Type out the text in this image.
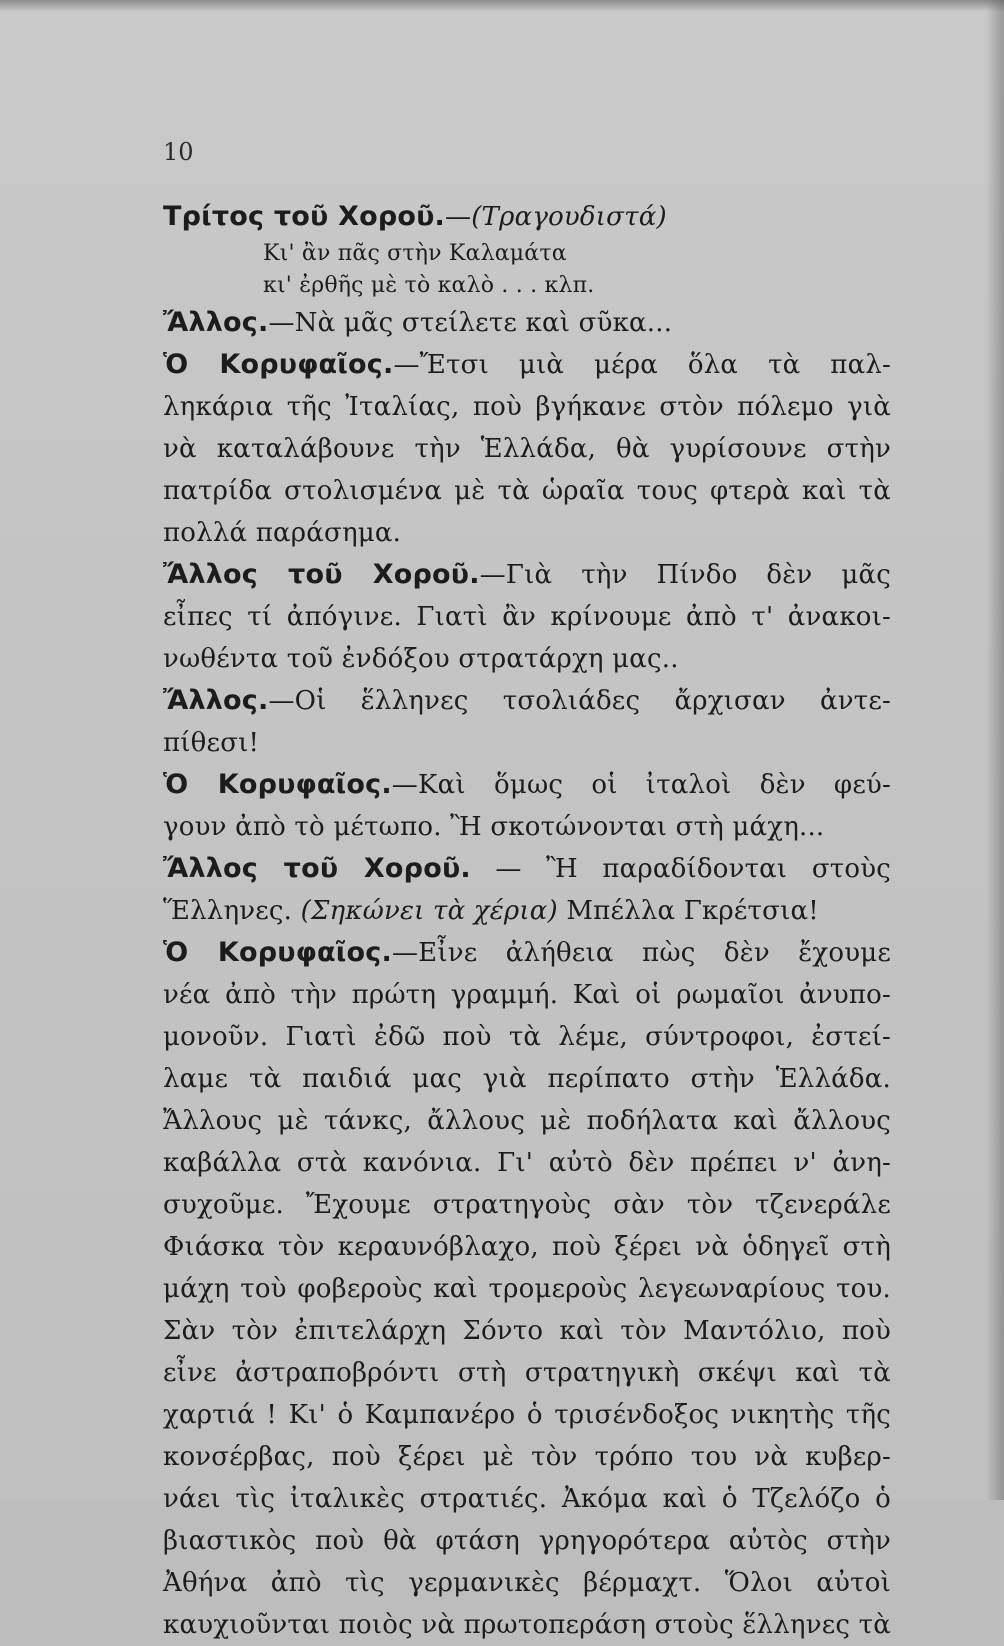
10
Τρίτος τοῦ Χοροῦ.—(Τραγουδιστά)
Κι' ἂν πᾶς στὴν Καλαμάτα
κι' ἐρθῆς μὲ τὸ καλὸ . . . κλπ.
Ἄλλος.—Νὰ μᾶς στείλετε καὶ σῦκα...
Ὁ Κορυφαῖος.—Ἔτσι μιὰ μέρα ὅλα τὰ παλ-
ληκάρια τῆς Ἰταλίας, ποὺ βγήκανε στὸν πόλεμο γιὰ
νὰ καταλάβουνε τὴν Ἑλλάδα, θὰ γυρίσουνε στὴν
πατρίδα στολισμένα μὲ τὰ ὡραῖα τους φτερὰ καὶ τὰ
πολλά παράσημα.
Ἄλλος τοῦ Χοροῦ.—Γιὰ τὴν Πίνδο δὲν μᾶς
εἶπες τί ἀπόγινε. Γιατὶ ἂν κρίνουμε ἀπὸ τ' ἀνακοι-
νωθέντα τοῦ ἐνδόξου στρατάρχη μας..
Ἄλλος.—Οἱ ἕλληνες τσολιάδες ἄρχισαν ἀντε-
πίθεσι!
Ὁ Κορυφαῖος.—Καὶ ὅμως οἱ ἰταλοὶ δὲν φεύ-
γουν ἀπὸ τὸ μέτωπο. Ἢ σκοτώνονται στὴ μάχη...
Ἄλλος τοῦ Χοροῦ. — Ἢ παραδίδονται στοὺς
Ἕλληνες. (Σηκώνει τὰ χέρια) Μπέλλα Γκρέτσια!
Ὁ Κορυφαῖος.—Εἶνε ἀλήθεια πὼς δὲν ἔχουμε
νέα ἀπὸ τὴν πρώτη γραμμή. Καὶ οἱ ρωμαῖοι ἀνυπο-
μονοῦν. Γιατὶ ἐδῶ ποὺ τὰ λέμε, σύντροφοι, ἐστεί-
λαμε τὰ παιδιά μας γιὰ περίπατο στὴν Ἑλλάδα.
Ἄλλους μὲ τάνκς, ἄλλους μὲ ποδήλατα καὶ ἄλλους
καβάλλα στὰ κανόνια. Γι' αὐτὸ δὲν πρέπει ν' ἀνη-
συχοῦμε. Ἔχουμε στρατηγοὺς σὰν τὸν τζενεράλε
Φιάσκα τὸν κεραυνόβλαχο, ποὺ ξέρει νὰ ὁδηγεῖ στὴ
μάχη τοὺ φοβεροὺς καὶ τρομεροὺς λεγεωναρίους του.
Σὰν τὸν ἐπιτελάρχη Σόντο καὶ τὸν Μαντόλιο, ποὺ
εἶνε ἀστραποβρόντι στὴ στρατηγικὴ σκέψι καὶ τὰ
χαρτιά ! Κι' ὁ Καμπανέρο ὁ τρισένδοξος νικητὴς τῆς
κονσέρβας, ποὺ ξέρει μὲ τὸν τρόπο του νὰ κυβερ-
νάει τὶς ἰταλικὲς στρατιές. Ἀκόμα καὶ ὁ Τζελόζο ὁ
βιαστικὸς ποὺ θὰ φτάση γρηγορότερα αὐτὸς στὴν
Ἀθήνα ἀπὸ τὶς γερμανικὲς βέρμαχτ. Ὅλοι αὐτοὶ
καυχιοῦνται ποιὸς νὰ πρωτοπεράση στοὺς ἕλληνες τὰ
